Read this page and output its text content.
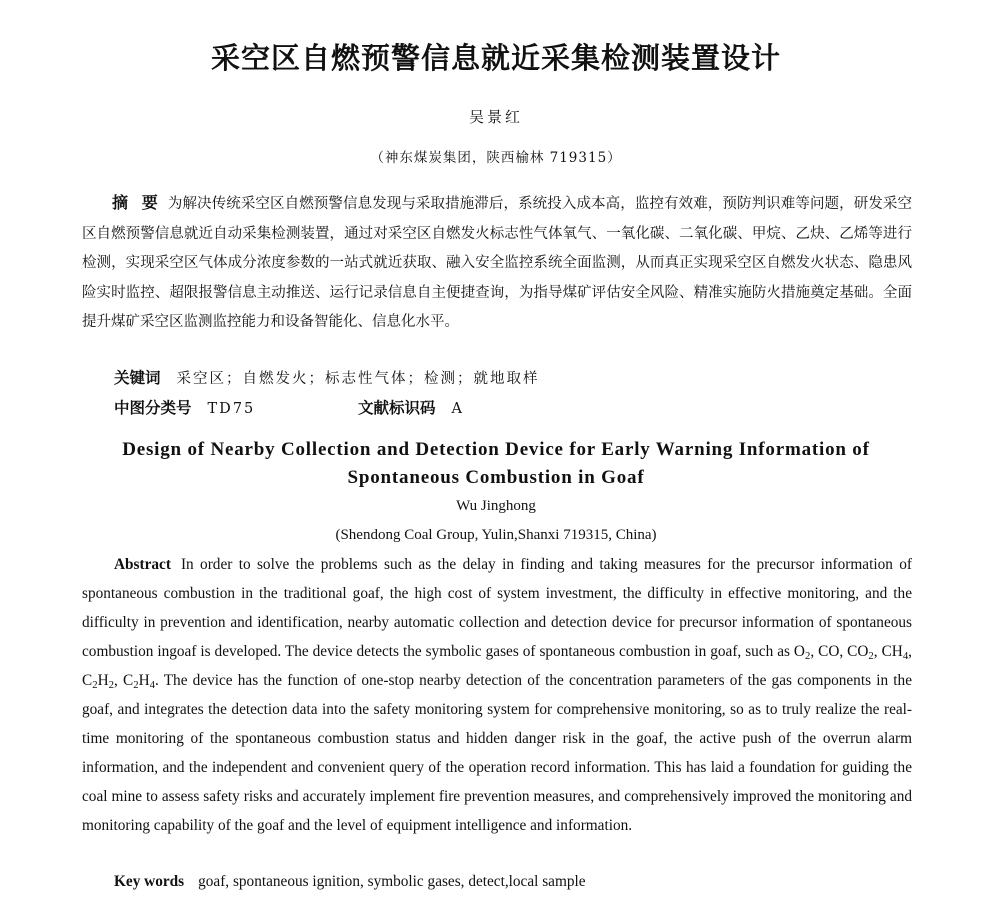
采空区自燃预警信息就近采集检测装置设计
吴景红
（神东煤炭集团，陕西榆林 719315）

摘 要 为解决传统采空区自燃预警信息发现与采取措施滞后，系统投入成本高，监控有效难，预防判识难等问题，研发采空区自燃预警信息就近自动采集检测装置，通过对采空区自燃发火标志性气体氧气、一氧化碳、二氧化碳、甲烷、乙炔、乙烯等进行检测，实现采空区气体成分浓度参数的一站式就近获取、融入安全监控系统全面监测，从而真正实现采空区自燃发火状态、隐患风险实时监控、超限报警信息主动推送、运行记录信息自主便捷查询，为指导煤矿评估安全风险、精准实施防火措施奠定基础。全面提升煤矿采空区监测监控能力和设备智能化、信息化水平。

关键词 采空区；自燃发火；标志性气体；检测；就地取样
中图分类号 TD75	文献标识码 A
Design of Nearby Collection and Detection Device for Early Warning Information of Spontaneous Combustion in Goaf
Wu Jinghong
(Shendong Coal Group, Yulin,Shanxi 719315, China)

Abstract In order to solve the problems such as the delay in finding and taking measures for the precursor information of spontaneous combustion in the traditional goaf, the high cost of system investment, the difficulty in effective monitoring, and the difficulty in prevention and identification, nearby automatic collection and detection device for precursor information of spontaneous combustion ingoaf is developed. The device detects the symbolic gases of spontaneous combustion in goaf, such as $O_2$, CO, $CO_2$, $CH_4$, $C_2H_2$, $C_2H_4$. The device has the function of one-stop nearby detection of the concentration parameters of the gas components in the goaf, and integrates the detection data into the safety monitoring system for comprehensive monitoring, so as to truly realize the real-time monitoring of the spontaneous combustion status and hidden danger risk in the goaf, the active push of the overrun alarm information, and the independent and convenient query of the operation record information. This has laid a foundation for guiding the coal mine to assess safety risks and accurately implement fire prevention measures, and comprehensively improved the monitoring and monitoring capability of the goaf and the level of equipment intelligence and information.

Key words goaf, spontaneous ignition, symbolic gases, detect,local sample
